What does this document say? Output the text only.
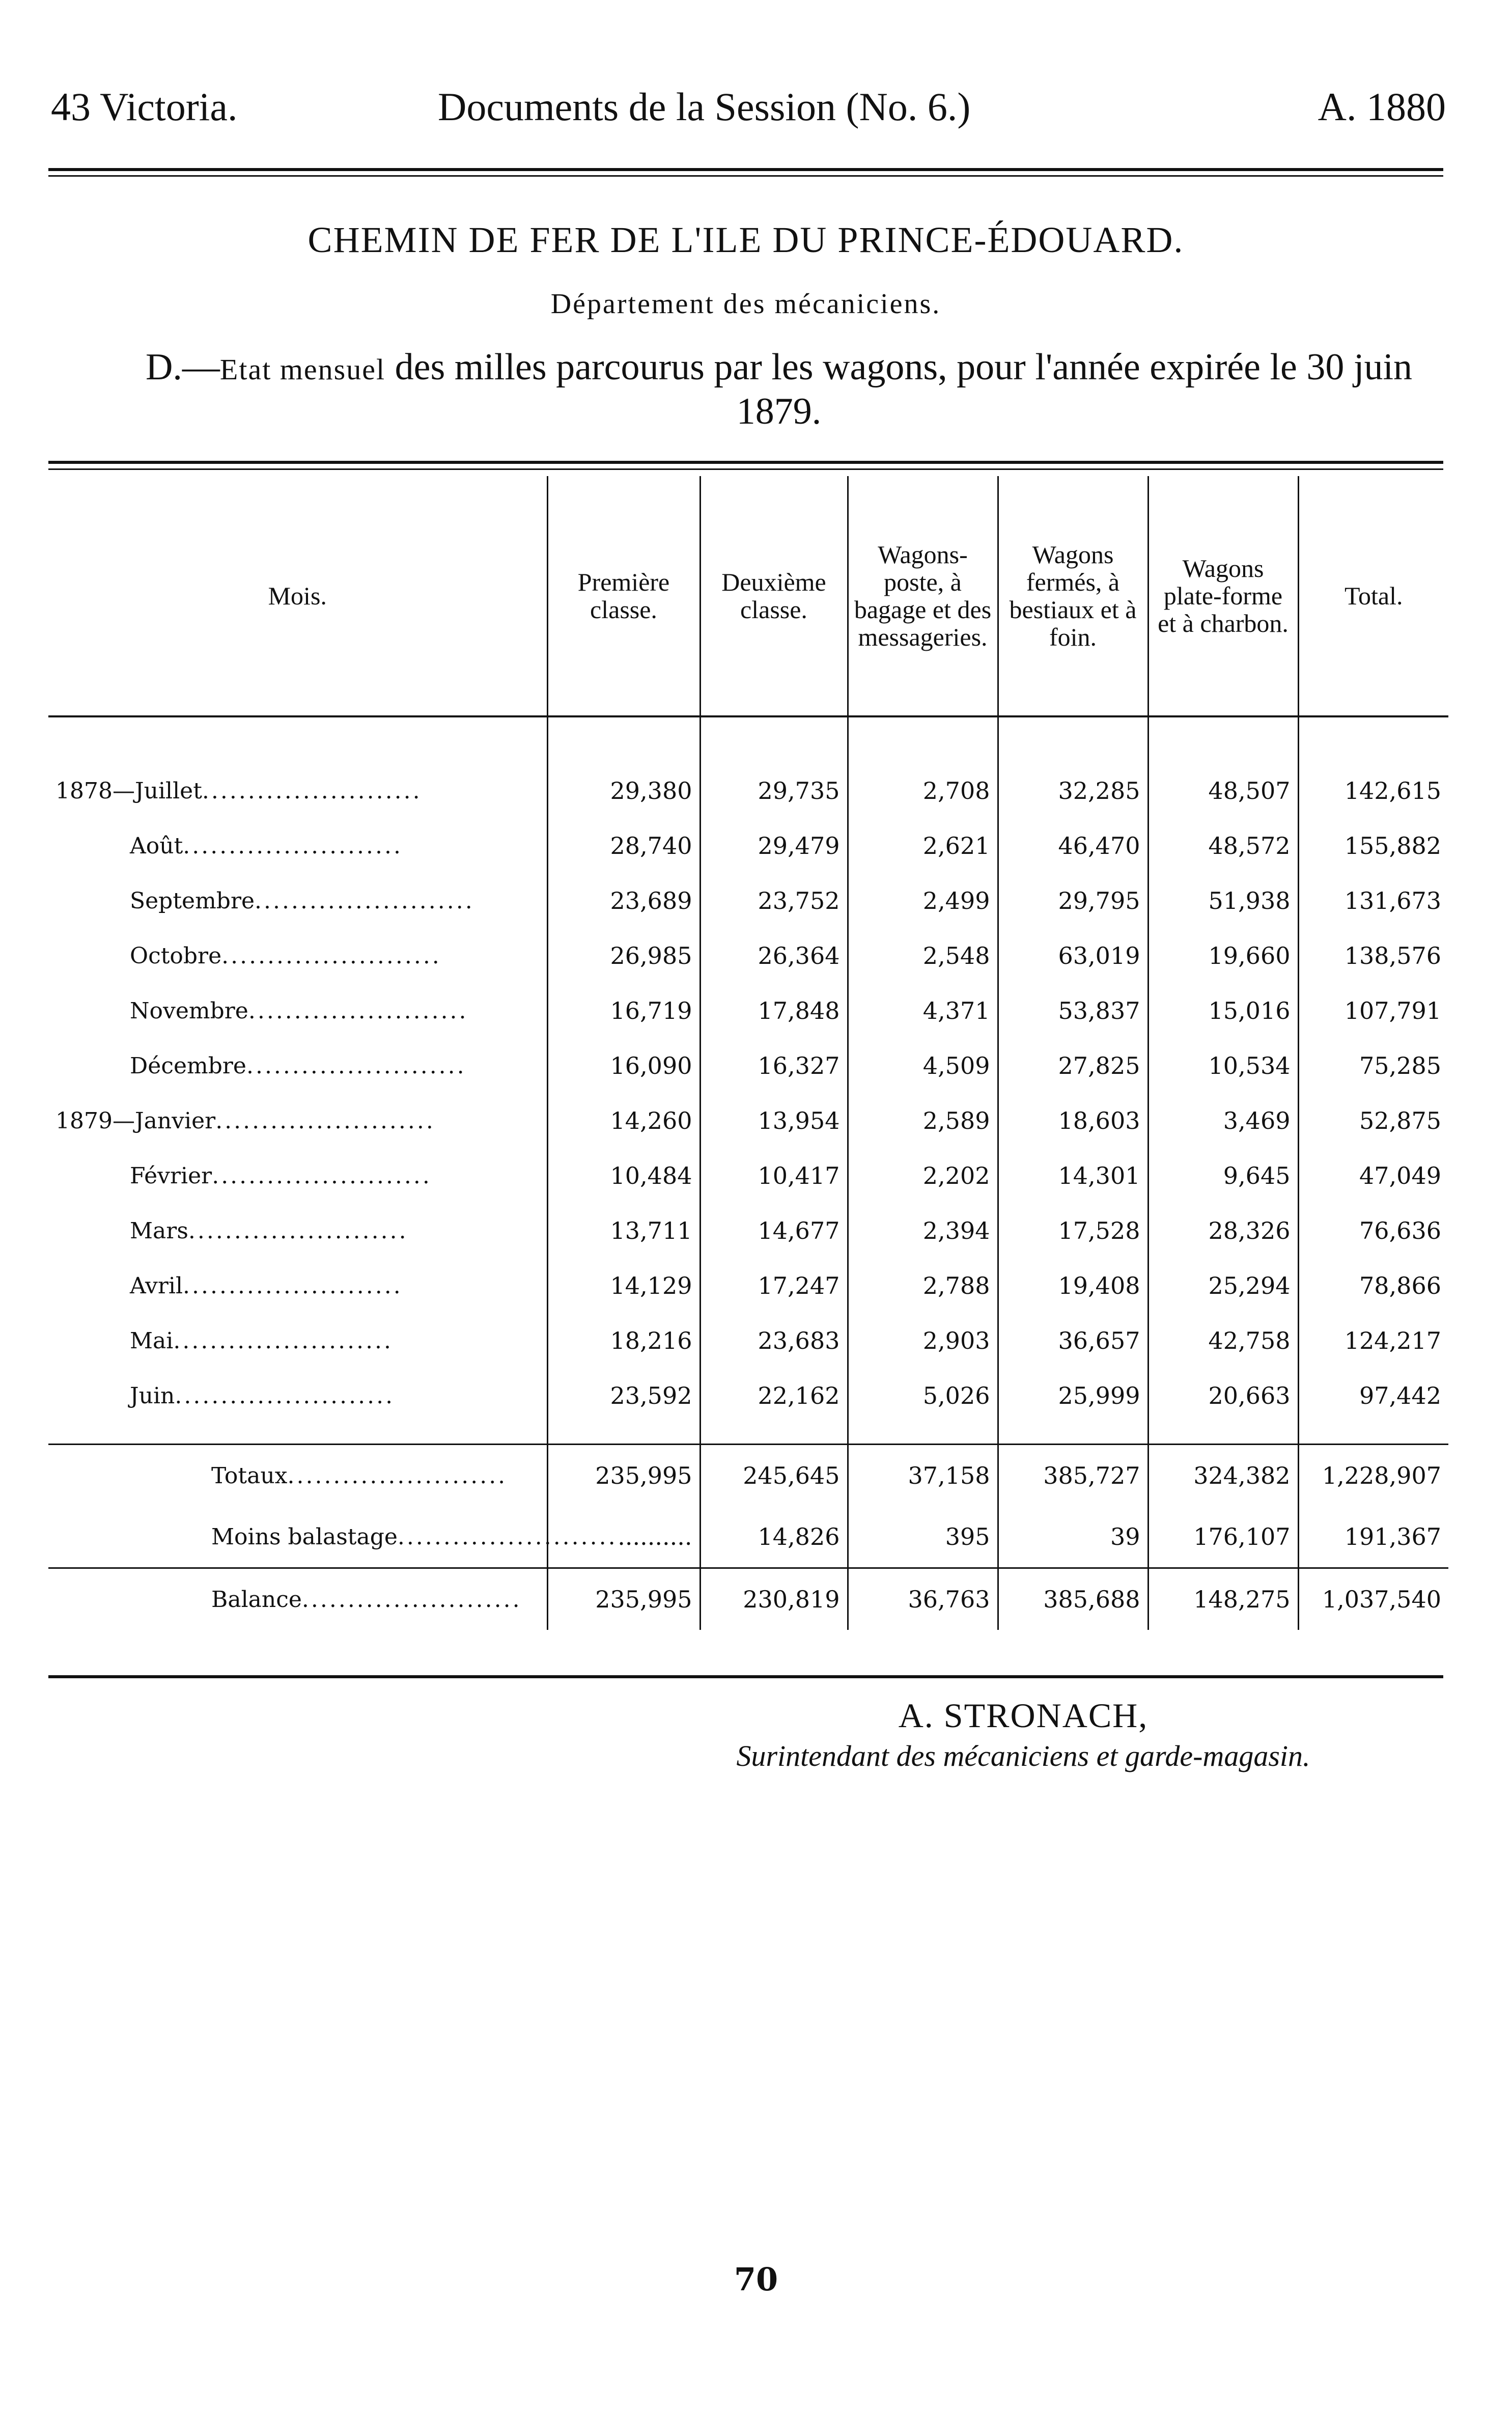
43 Victoria.	Documents de la Session (No. 6.)	A. 1880
CHEMIN DE FER DE L'ILE DU PRINCE-ÉDOUARD.
Département des mécaniciens.
D.—Etat mensuel des milles parcourus par les wagons, pour l'année expirée le 30 juin 1879.
Mois.	Première classe.	Deuxième classe.	Wagons-poste, à bagage et des messageries.	Wagons fermés, à bestiaux et à foin.	Wagons plate-forme et à charbon.	Total.
1878—Juillet........................	29,380	29,735	2,708	32,285	48,507	142,615
Août........................	28,740	29,479	2,621	46,470	48,572	155,882
Septembre........................	23,689	23,752	2,499	29,795	51,938	131,673
Octobre........................	26,985	26,364	2,548	63,019	19,660	138,576
Novembre........................	16,719	17,848	4,371	53,837	15,016	107,791
Décembre........................	16,090	16,327	4,509	27,825	10,534	75,285
1879—Janvier........................	14,260	13,954	2,589	18,603	3,469	52,875
Février........................	10,484	10,417	2,202	14,301	9,645	47,049
Mars........................	13,711	14,677	2,394	17,528	28,326	76,636
Avril........................	14,129	17,247	2,788	19,408	25,294	78,866
Mai........................	18,216	23,683	2,903	36,657	42,758	124,217
Juin........................	23,592	22,162	5,026	25,999	20,663	97,442

Totaux........................	235,995	245,645	37,158	385,727	324,382	1,228,907
Moins balastage........................	..........	14,826	395	39	176,107	191,367
Balance........................	235,995	230,819	36,763	385,688	148,275	1,037,540
A. STRONACH,
Surintendant des mécaniciens et garde-magasin.
70
